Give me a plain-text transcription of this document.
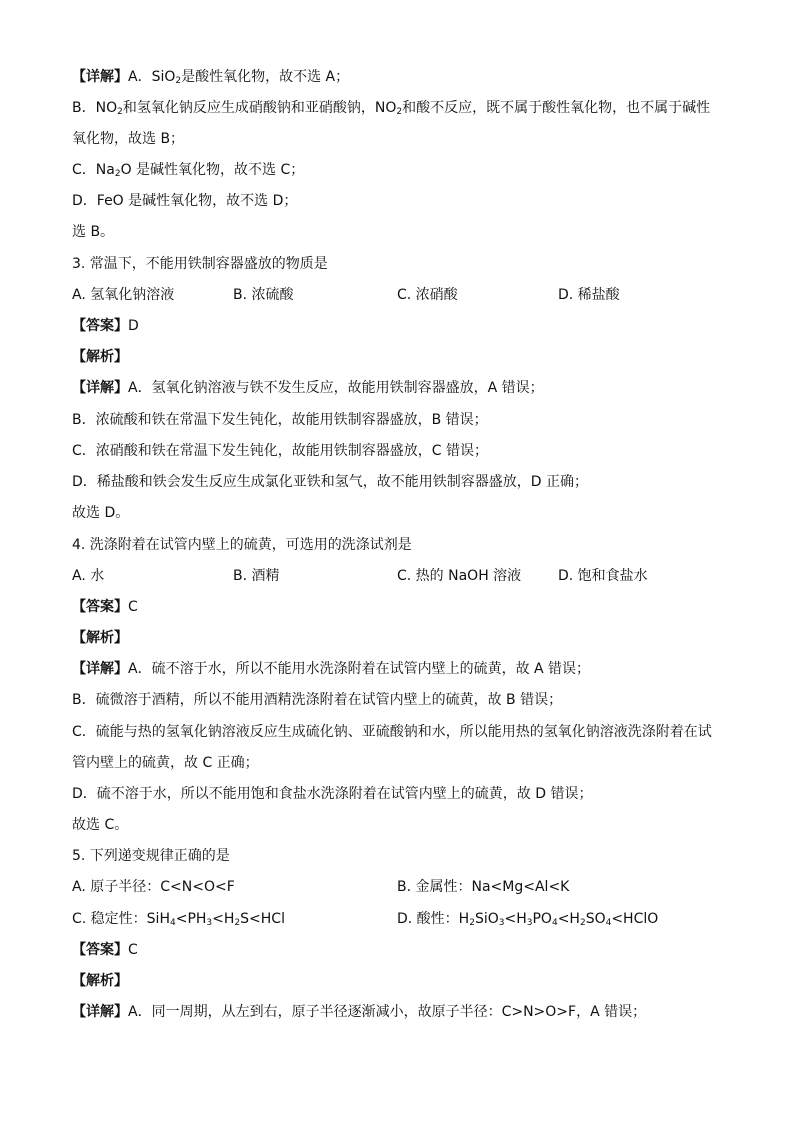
【详解】A．SiO$_2$是酸性氧化物，故不选 A；
B．$NO_2$和氢氧化钠反应生成硝酸钠和亚硝酸钠，$NO_2$和酸不反应，既不属于酸性氧化物，也不属于碱性
氧化物，故选 B；
C．$Na_2O$ 是碱性氧化物，故不选 C；
D．FeO 是碱性氧化物，故不选 D；
选 B。
3. 常温下，不能用铁制容器盛放的物质是
A. 氢氧化钠溶液	B. 浓硫酸	C. 浓硝酸	D. 稀盐酸
【答案】D
【解析】
【详解】A．氢氧化钠溶液与铁不发生反应，故能用铁制容器盛放，A 错误；
B．浓硫酸和铁在常温下发生钝化，故能用铁制容器盛放，B 错误；
C．浓硝酸和铁在常温下发生钝化，故能用铁制容器盛放，C 错误；
D．稀盐酸和铁会发生反应生成氯化亚铁和氢气，故不能用铁制容器盛放，D 正确；
故选 D。
4. 洗涤附着在试管内壁上的硫黄，可选用的洗涤试剂是
A. 水	B. 酒精	C. 热的 NaOH 溶液	D. 饱和食盐水
【答案】C
【解析】
【详解】A．硫不溶于水，所以不能用水洗涤附着在试管内壁上的硫黄，故 A 错误；
B．硫微溶于酒精，所以不能用酒精洗涤附着在试管内壁上的硫黄，故 B 错误；
C．硫能与热的氢氧化钠溶液反应生成硫化钠、亚硫酸钠和水，所以能用热的氢氧化钠溶液洗涤附着在试
管内壁上的硫黄，故 C 正确；
D．硫不溶于水，所以不能用饱和食盐水洗涤附着在试管内壁上的硫黄，故 D 错误；
故选 C。
5. 下列递变规律正确的是
A. 原子半径：C<N<O<F	B. 金属性：Na<Mg<Al<K
C. 稳定性：$SiH_4<PH_3<H_2S<HCl$	D. 酸性：$H_2SiO_3<H_3PO_4<H_2SO_4<HClO$
【答案】C
【解析】
【详解】A．同一周期，从左到右，原子半径逐渐减小，故原子半径：C>N>O>F，A 错误；
